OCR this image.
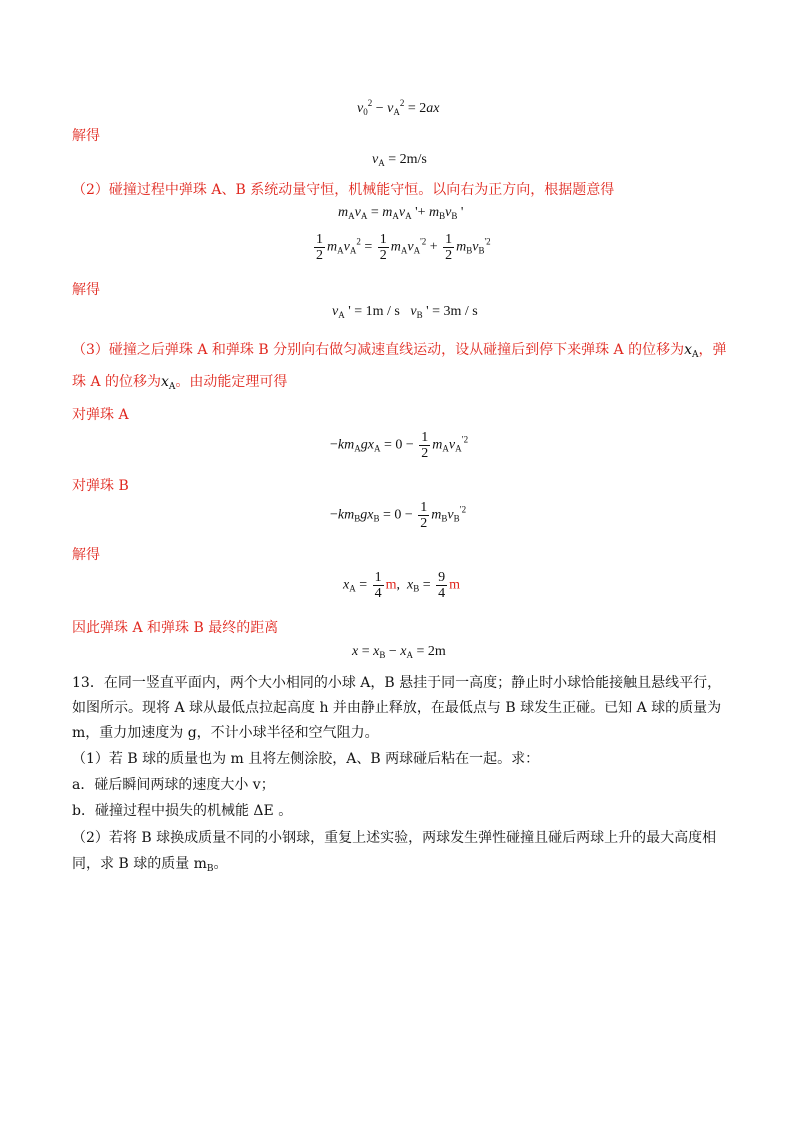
$v_0^2 - v_A^2 = 2ax$
解得
$v_A = 2m/s$
（2）碰撞过程中弹珠 A、B 系统动量守恒，机械能守恒。以向右为正方向，根据题意得
$m_Av_A = m_Av_A$ '+ $m_Bv_B$ '
$\frac{1}{2} m_Av_A^2 = \frac{1}{2} m_Av_A^{'2} + \frac{1}{2} m_Bv_B^{'2}$
解得
$v_A$ ' = 1m / s   $v_B$ ' = 3m / s
（3）碰撞之后弹珠 A 和弹珠 B 分别向右做匀减速直线运动，设从碰撞后到停下来弹珠 A 的位移为$x_A$，弹
珠 A 的位移为$x_A$。由动能定理可得
对弹珠 A
$-km_Agx_A = 0 - \frac{1}{2} m_Av_A^{'2}$
对弹珠 B
$-km_Bgx_B = 0 - \frac{1}{2} m_Bv_B^{'2}$
解得
$x_A = \frac{1}{4} m$,  $x_B = \frac{9}{4}$ m
因此弹珠 A 和弹珠 B 最终的距离
$x = x_B - x_A = 2m$
13．在同一竖直平面内，两个大小相同的小球 A，B 悬挂于同一高度；静止时小球恰能接触且悬线平行，
如图所示。现将 A 球从最低点拉起高度 h 并由静止释放，在最低点与 B 球发生正碰。已知 A 球的质量为
m，重力加速度为 g，不计小球半径和空气阻力。
（1）若 B 球的质量也为 m 且将左侧涂胶，A、B 两球碰后粘在一起。求：
a．碰后瞬间两球的速度大小 v；
b．碰撞过程中损失的机械能 ΔE 。
（2）若将 B 球换成质量不同的小钢球，重复上述实验，两球发生弹性碰撞且碰后两球上升的最大高度相
同，求 B 球的质量 $m_B$。
